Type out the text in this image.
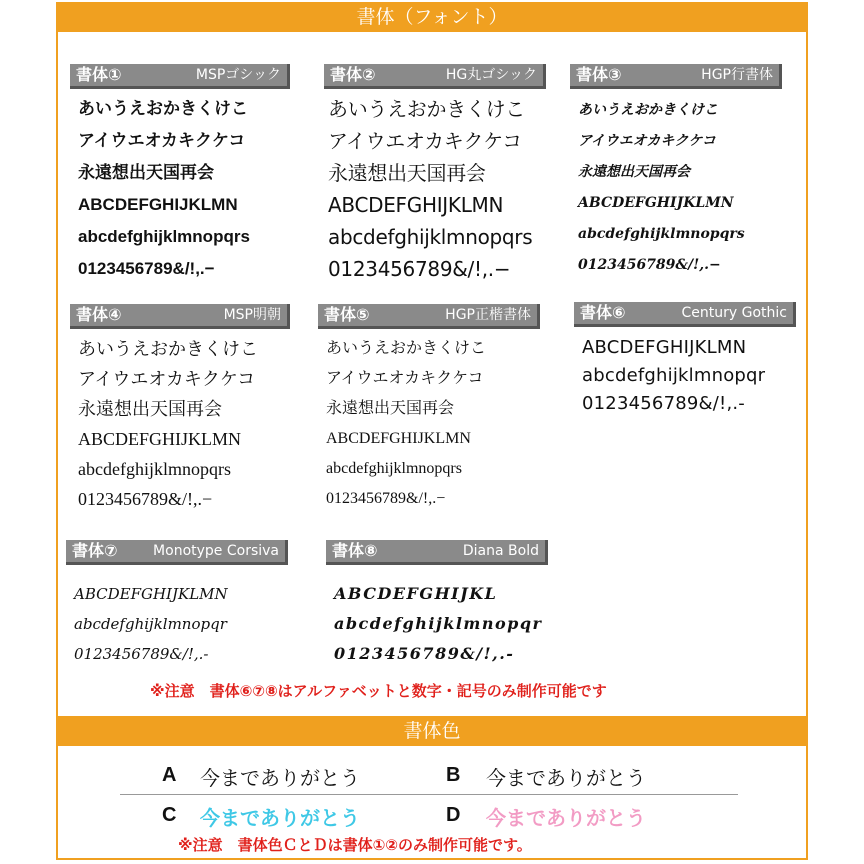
書体（フォント）
書体①	MSPゴシック
あいうえおかきくけこ
アイウエオカキクケコ
永遠想出天国再会
ABCDEFGHIJKLMN
abcdefghijklmnopqrs
0123456789&/!,.−
書体②	HG丸ゴシック
あいうえおかきくけこ
アイウエオカキクケコ
永遠想出天国再会
ABCDEFGHIJKLMN
abcdefghijklmnopqrs
0123456789&/!,.−
書体③	HGP行書体
あいうえおかきくけこ
アイウエオカキクケコ
永遠想出天国再会
ABCDEFGHIJKLMN
abcdefghijklmnopqrs
0123456789&/!,.−
書体④	MSP明朝
あいうえおかきくけこ
アイウエオカキクケコ
永遠想出天国再会
ABCDEFGHIJKLMN
abcdefghijklmnopqrs
0123456789&/!,.−
書体⑤	HGP正楷書体
あいうえおかきくけこ
アイウエオカキクケコ
永遠想出天国再会
ABCDEFGHIJKLMN
abcdefghijklmnopqrs
0123456789&/!,.−
書体⑥	Century Gothic
ABCDEFGHIJKLMN
abcdefghijklmnopqr
0123456789&/!,.-
書体⑦	Monotype Corsiva
ABCDEFGHIJKLMN
abcdefghijklmnopqr
0123456789&/!,.-
書体⑧	Diana Bold
ABCDEFGHIJKL
abcdefghijklmnopqr
0123456789&/!,.-
※注意　書体⑥⑦⑧はアルファベットと数字・記号のみ制作可能です
書体色
A 今までありがとう	B 今までありがとう
C 今までありがとう	D 今までありがとう
※注意　書体色ＣとＤは書体①②のみ制作可能です。
